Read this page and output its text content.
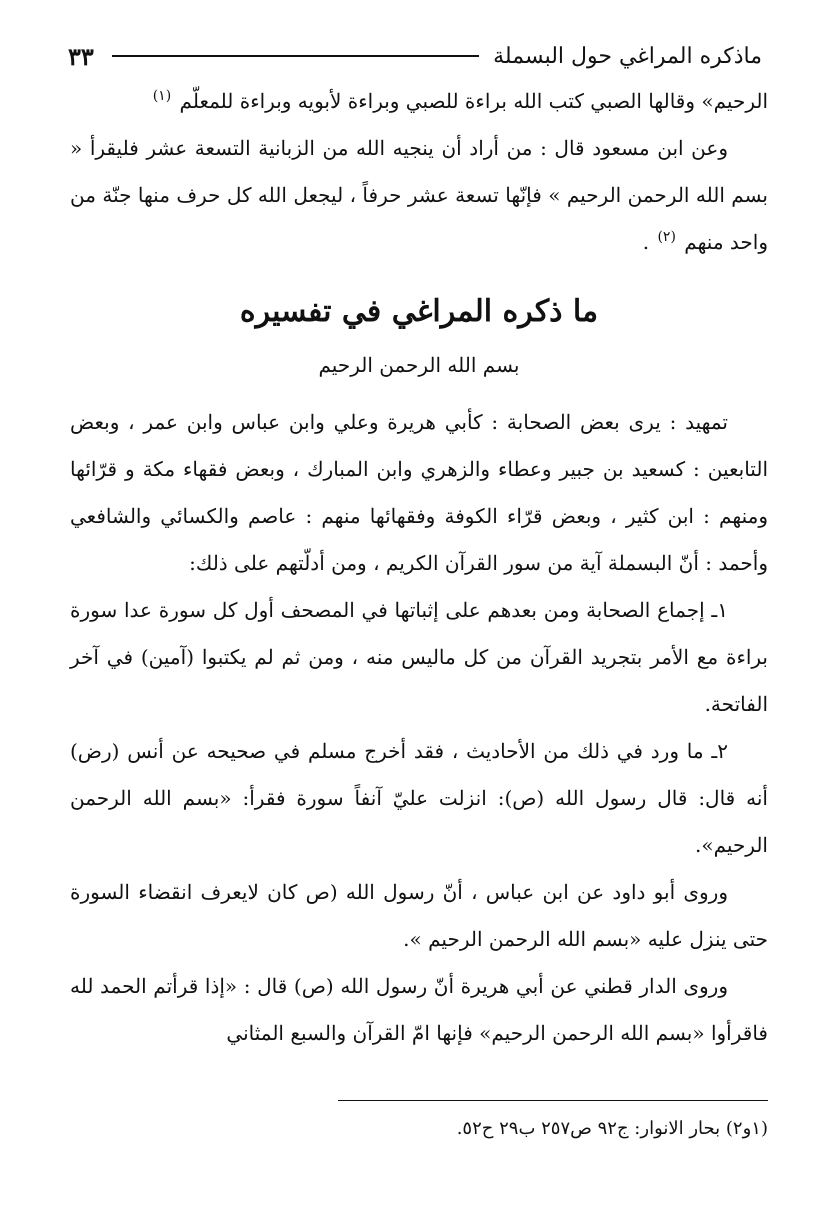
٣٣	ماذكره المراغي حول البسملة

الرحيم» وقالها الصبي كتب الله براءة للصبي وبراءة لأبويه وبراءة للمعلّم $^{(١)}$

وعن ابن مسعود قال : من أراد أن ينجيه الله من الزبانية التسعة عشر فليقرأ « بسم الله الرحمن الرحيم » فإنّها تسعة عشر حرفاً ، ليجعل الله كل حرف منها جنّة من واحد منهم $^{(٢)}$ .

ما ذكره المراغي في تفسيره
بسم الله الرحمن الرحيم

تمهيد : يرى بعض الصحابة : كأبي هريرة وعلي وابن عباس وابن عمر ، وبعض التابعين : كسعيد بن جبير وعطاء والزهري وابن المبارك ، وبعض فقهاء مكة و قرّائها ومنهم : ابن كثير ، وبعض قرّاء الكوفة وفقهائها منهم : عاصم والكسائي والشافعي وأحمد : أنّ البسملة آية من سور القرآن الكريم ، ومن أدلّتهم على ذلك:

١ـ إجماع الصحابة ومن بعدهم على إثباتها في المصحف أول كل سورة عدا سورة براءة مع الأمر بتجريد القرآن من كل ماليس منه ، ومن ثم لم يكتبوا (آمين) في آخر الفاتحة.

٢ـ ما ورد في ذلك من الأحاديث ، فقد أخرج مسلم في صحيحه عن أنس (رض) أنه قال: قال رسول الله (ص): انزلت عليّ آنفاً سورة فقرأ: «بسم الله الرحمن الرحيم».

وروى أبو داود عن ابن عباس ، أنّ رسول الله (ص كان لايعرف انقضاء السورة حتى ينزل عليه «بسم الله الرحمن الرحيم ».

وروى الدار قطني عن أبي هريرة أنّ رسول الله (ص) قال : «إذا قرأتم الحمد لله فاقرأوا «بسم الله الرحمن الرحيم» فإنها امّ القرآن والسبع المثاني

(١و٢) بحار الانوار: ج٩٢ ص٢٥٧ ب٢٩ ح٥٢.
